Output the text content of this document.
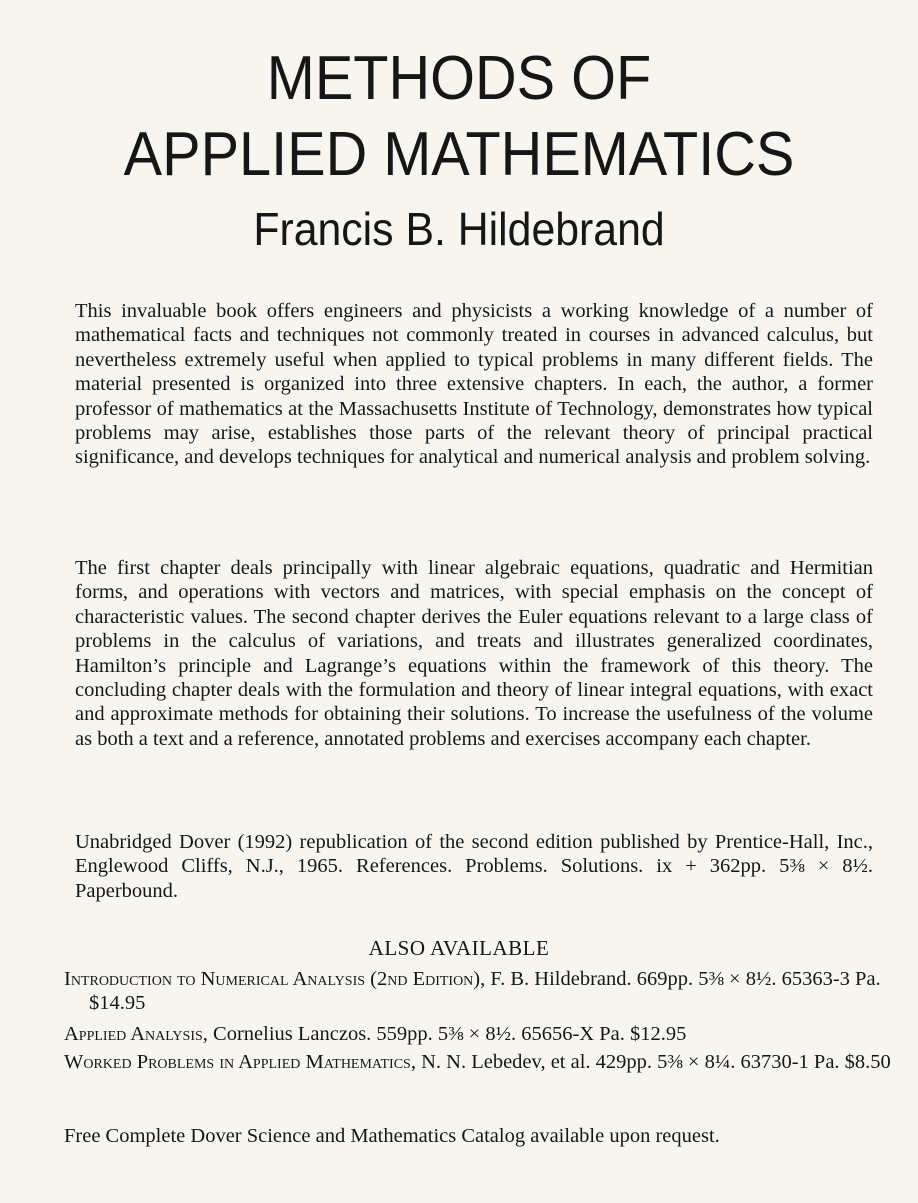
METHODS OF
APPLIED MATHEMATICS
Francis B. Hildebrand

This invaluable book offers engineers and physicists a working knowledge of a number of mathematical facts and techniques not commonly treated in courses in advanced calculus, but nevertheless extremely useful when applied to typical problems in many different fields. The material presented is organized into three extensive chapters. In each, the author, a former professor of mathematics at the Massachusetts Institute of Technology, demonstrates how typical problems may arise, establishes those parts of the relevant theory of principal practical significance, and develops techniques for analytical and numerical analysis and problem solving.

The first chapter deals principally with linear algebraic equations, quadratic and Hermitian forms, and operations with vectors and matrices, with special emphasis on the concept of characteristic values. The second chapter derives the Euler equations relevant to a large class of problems in the calculus of variations, and treats and illustrates generalized coordinates, Hamilton’s principle and Lagrange’s equations within the framework of this theory. The concluding chapter deals with the formulation and theory of linear integral equations, with exact and approximate methods for obtaining their solutions. To increase the usefulness of the volume as both a text and a reference, annotated problems and exercises accompany each chapter.

Unabridged Dover (1992) republication of the second edition published by Prentice-Hall, Inc., Englewood Cliffs, N.J., 1965. References. Problems. Solutions. ix + 362pp. 5⅜ × 8½. Paperbound.

ALSO AVAILABLE

Introduction to Numerical Analysis (2nd Edition), F. B. Hildebrand. 669pp. 5⅜ × 8½. 65363-3 Pa. $14.95

Applied Analysis, Cornelius Lanczos. 559pp. 5⅜ × 8½. 65656-X Pa. $12.95

Worked Problems in Applied Mathematics, N. N. Lebedev, et al. 429pp. 5⅜ × 8¼. 63730-1 Pa. $8.50

Free Complete Dover Science and Mathematics Catalog available upon request.
